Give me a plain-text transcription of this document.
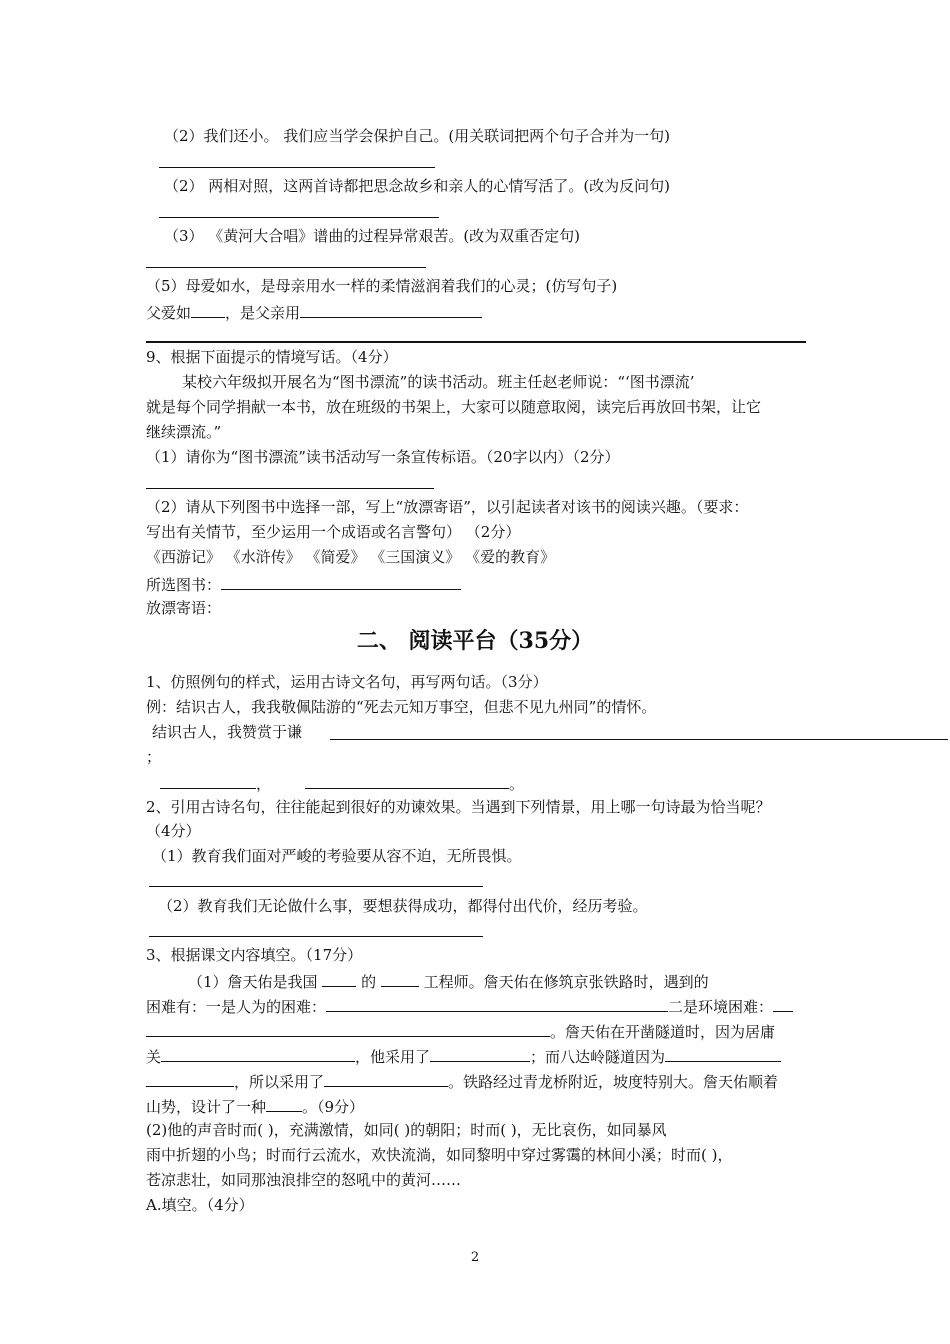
（2）我们还小。 我们应当学会保护自己。(用关联词把两个句子合并为一句)
（2） 两相对照，这两首诗都把思念故乡和亲人的心情写活了。(改为反问句)
（3） 《黄河大合唱》谱曲的过程异常艰苦。(改为双重否定句)
（5）母爱如水，是母亲用水一样的柔情滋润着我们的心灵；(仿写句子)
父爱如 ，是父亲用
9、根据下面提示的情境写话。（4分）
某校六年级拟开展名为“图书漂流”的读书活动。班主任赵老师说：“‘图书漂流’
就是每个同学捐献一本书，放在班级的书架上，大家可以随意取阅，读完后再放回书架，让它
继续漂流。”
（1）请你为“图书漂流”读书活动写一条宣传标语。（20字以内）（2分）
（2）请从下列图书中选择一部，写上“放漂寄语”，以引起读者对该书的阅读兴趣。（要求：
写出有关情节，至少运用一个成语或名言警句） （2分）
《西游记》 《水浒传》 《简爱》 《三国演义》 《爱的教育》
所选图书：
放漂寄语：
二、 阅读平台（35分）
1、仿照例句的样式，运用古诗文名句，再写两句话。（3分）
例：结识古人，我我敬佩陆游的“死去元知万事空，但悲不见九州同”的情怀。
结识古人，我赞赏于谦
；
，	。
2、引用古诗名句，往往能起到很好的劝谏效果。当遇到下列情景，用上哪一句诗最为恰当呢？
（4分）
（1）教育我们面对严峻的考验要从容不迫，无所畏惧。
（2）教育我们无论做什么事，要想获得成功，都得付出代价，经历考验。
3、根据课文内容填空。（17分）
（1）詹天佑是我国  的	工程师。詹天佑在修筑京张铁路时，遇到的
困难有：一是人为的困难：	二是环境困难：
。詹天佑在开凿隧道时，因为居庸
关	，他采用了	；而八达岭隧道因为
，所以采用了	。铁路经过青龙桥附近，坡度特别大。詹天佑顺着
山势，设计了一种 。（9分）
(2)他的声音时而( )，充满激情，如同( )的朝阳；时而( )，无比哀伤，如同暴风
雨中折翅的小鸟；时而行云流水，欢快流淌，如同黎明中穿过雾霭的林间小溪；时而( )，
苍凉悲壮，如同那浊浪排空的怒吼中的黄河……
A.填空。（4分）
2
